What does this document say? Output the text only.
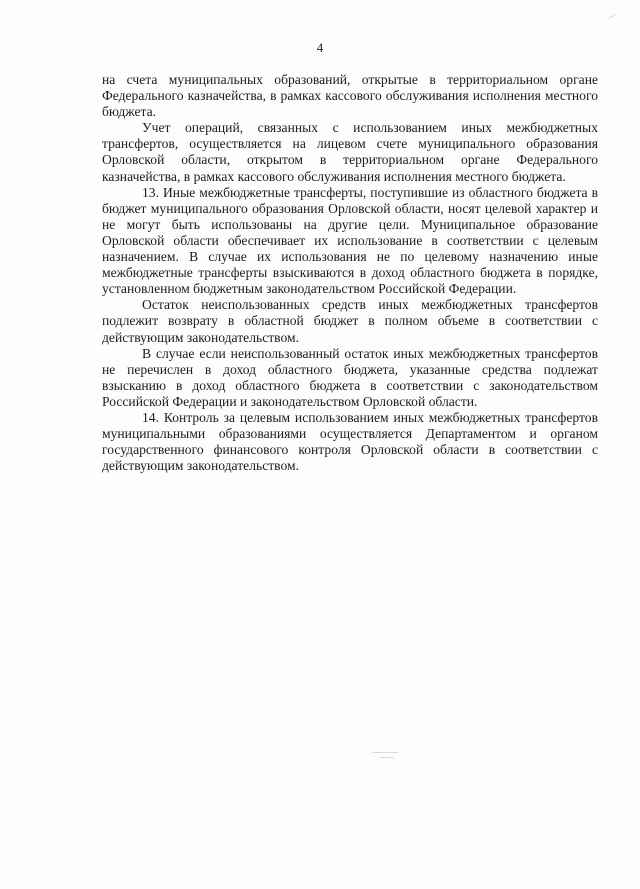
4

на счета муниципальных образований, открытые в территориальном органе Федерального казначейства, в рамках кассового обслуживания исполнения местного бюджета.

Учет операций, связанных с использованием иных межбюджетных трансфертов, осуществляется на лицевом счете муниципального образования Орловской области, открытом в территориальном органе Федерального казначейства, в рамках кассового обслуживания исполнения местного бюджета.

13. Иные межбюджетные трансферты, поступившие из областного бюджета в бюджет муниципального образования Орловской области, носят целевой характер и не могут быть использованы на другие цели. Муниципальное образование Орловской области обеспечивает их использование в соответствии с целевым назначением. В случае их использования не по целевому назначению иные межбюджетные трансферты взыскиваются в доход областного бюджета в порядке, установленном бюджетным законодательством Российской Федерации.

Остаток неиспользованных средств иных межбюджетных трансфертов подлежит возврату в областной бюджет в полном объеме в соответствии с действующим законодательством.

В случае если неиспользованный остаток иных межбюджетных трансфертов не перечислен в доход областного бюджета, указанные средства подлежат взысканию в доход областного бюджета в соответствии с законодательством Российской Федерации и законодательством Орловской области.

14. Контроль за целевым использованием иных межбюджетных трансфертов муниципальными образованиями осуществляется Департаментом и органом государственного финансового контроля Орловской области в соответствии с действующим законодательством.
